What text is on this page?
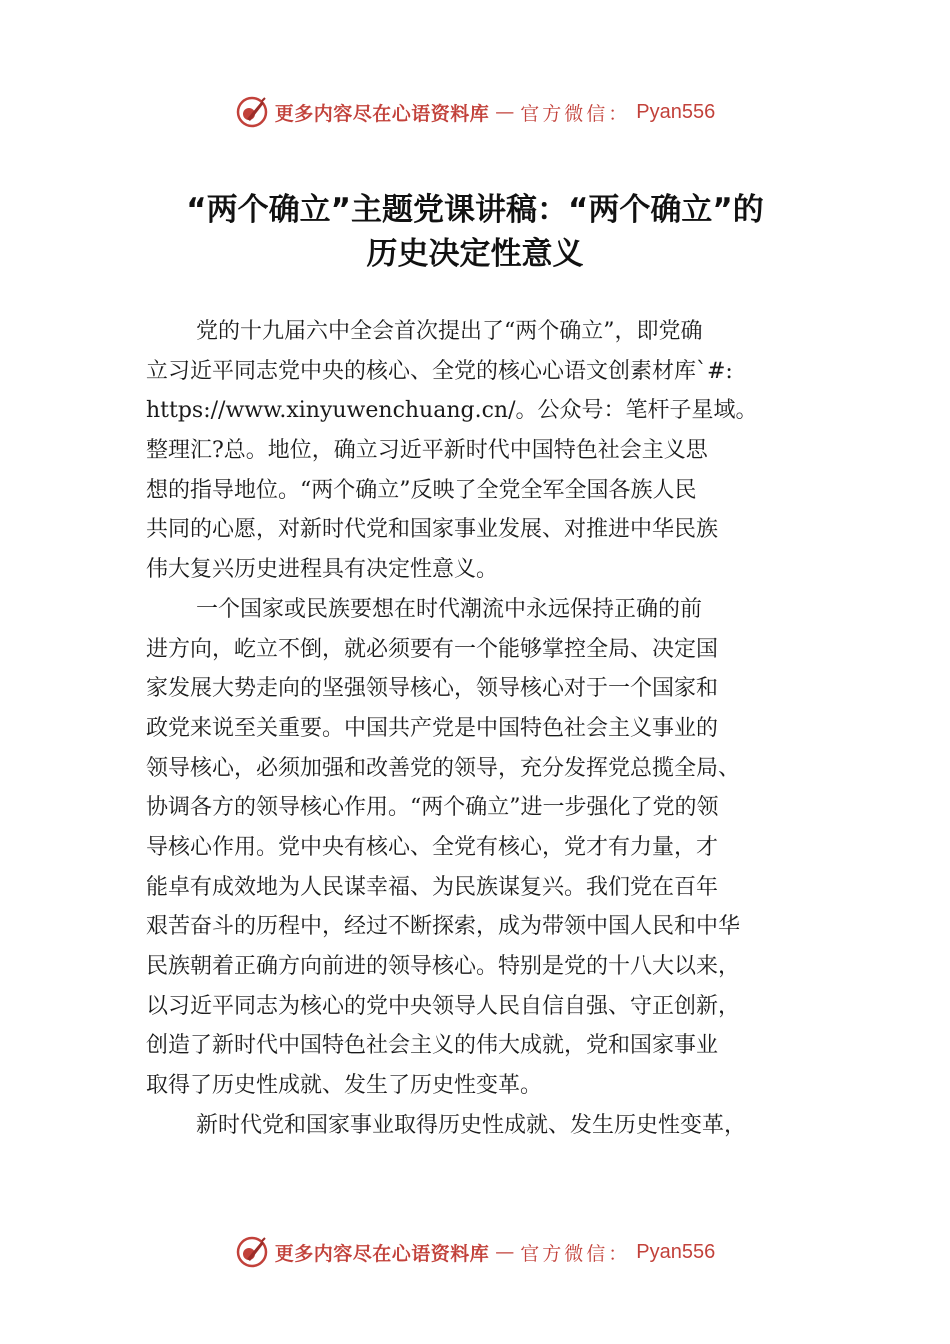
更多内容尽在心语资料库 — 官方微信： Pyan556
“两个确立”主题党课讲稿：“两个确立”的
历史决定性意义
党的十九届六中全会首次提出了“两个确立”，即党确
立习近平同志党中央的核心、全党的核心心语文创素材库`#:
https://www.xinyuwenchuang.cn/。公众号：笔杆子星域。
整理汇?总。地位，确立习近平新时代中国特色社会主义思
想的指导地位。“两个确立”反映了全党全军全国各族人民
共同的心愿，对新时代党和国家事业发展、对推进中华民族
伟大复兴历史进程具有决定性意义。
一个国家或民族要想在时代潮流中永远保持正确的前
进方向，屹立不倒，就必须要有一个能够掌控全局、决定国
家发展大势走向的坚强领导核心，领导核心对于一个国家和
政党来说至关重要。中国共产党是中国特色社会主义事业的
领导核心，必须加强和改善党的领导，充分发挥党总揽全局、
协调各方的领导核心作用。“两个确立”进一步强化了党的领
导核心作用。党中央有核心、全党有核心，党才有力量，才
能卓有成效地为人民谋幸福、为民族谋复兴。我们党在百年
艰苦奋斗的历程中，经过不断探索，成为带领中国人民和中华
民族朝着正确方向前进的领导核心。特别是党的十八大以来，
以习近平同志为核心的党中央领导人民自信自强、守正创新，
创造了新时代中国特色社会主义的伟大成就，党和国家事业
取得了历史性成就、发生了历史性变革。
新时代党和国家事业取得历史性成就、发生历史性变革，
更多内容尽在心语资料库 — 官方微信： Pyan556
